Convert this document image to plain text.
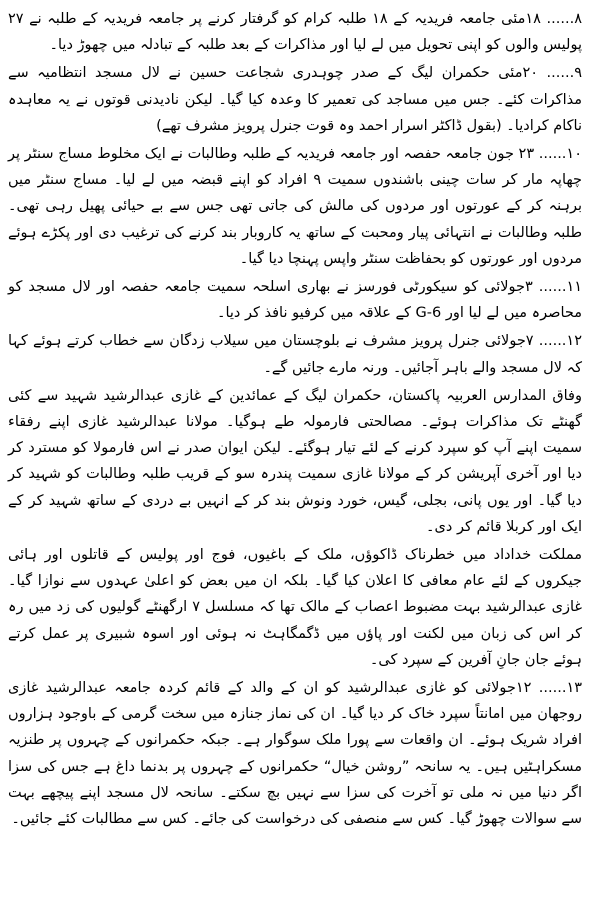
۸...... ۱۸مئی جامعہ فریدیہ کے ۱۸ طلبہ کرام کو گرفتار کرنے پر جامعہ فریدیہ کے طلبہ نے ۲۷ پولیس والوں کو اپنی تحویل میں لے لیا اور مذاکرات کے بعد طلبہ کے تبادلہ میں چھوڑ دیا۔

۹...... ۲۰مئی حکمران لیگ کے صدر چوہدری شجاعت حسین نے لال مسجد انتظامیہ سے مذاکرات کئے۔ جس میں مساجد کی تعمیر کا وعدہ کیا گیا۔ لیکن نادیدنی قوتوں نے یہ معاہدہ ناکام کرادیا۔ (بقول ڈاکٹر اسرار احمد وہ قوت جنرل پرویز مشرف تھے)

۱۰...... ۲۳ جون جامعہ حفصہ اور جامعہ فریدیہ کے طلبہ وطالبات نے ایک مخلوط مساج سنٹر پر چھاپہ مار کر سات چینی باشندوں سمیت ۹ افراد کو اپنے قبضہ میں لے لیا۔ مساج سنٹر میں برہنہ کر کے عورتوں اور مردوں کی مالش کی جاتی تھی جس سے بے حیائی پھیل رہی تھی۔ طلبہ وطالبات نے انتہائی پیار ومحبت کے ساتھ یہ کاروبار بند کرنے کی ترغیب دی اور پکڑے ہوئے مردوں اور عورتوں کو بحفاظت سنٹر واپس پہنچا دیا گیا۔

۱۱...... ۳جولائی کو سیکورٹی فورسز نے بھاری اسلحہ سمیت جامعہ حفصہ اور لال مسجد کو محاصرہ میں لے لیا اور G-6 کے علاقہ میں کرفیو نافذ کر دیا۔

۱۲...... ۷جولائی جنرل پرویز مشرف نے بلوچستان میں سیلاب زدگان سے خطاب کرتے ہوئے کہا کہ لال مسجد والے باہر آجائیں۔ ورنہ مارے جائیں گے۔

وفاق المدارس العربیہ پاکستان، حکمران لیگ کے عمائدین کے غازی عبدالرشید شہید سے کئی گھنٹے تک مذاکرات ہوئے۔ مصالحتی فارمولہ طے ہوگیا۔ مولانا عبدالرشید غازی اپنے رفقاء سمیت اپنے آپ کو سپرد کرنے کے لئے تیار ہوگئے۔ لیکن ایوان صدر نے اس فارمولا کو مسترد کر دیا اور آخری آپریشن کر کے مولانا غازی سمیت پندرہ سو کے قریب طلبہ وطالبات کو شہید کر دیا گیا۔ اور یوں پانی، بجلی، گیس، خورد ونوش بند کر کے انہیں بے دردی کے ساتھ شہید کر کے ایک اور کربلا قائم کر دی۔

مملکت خداداد میں خطرناک ڈاکوؤں، ملک کے باغیوں، فوج اور پولیس کے قاتلوں اور ہائی جیکروں کے لئے عام معافی کا اعلان کیا گیا۔ بلکہ ان میں بعض کو اعلیٰ عہدوں سے نوازا گیا۔ غازی عبدالرشید بہت مضبوط اعصاب کے مالک تھا کہ مسلسل ۷ ارگھنٹے گولیوں کی زد میں رہ کر اس کی زبان میں لکنت اور پاؤں میں ڈگمگاہٹ نہ ہوئی اور اسوہ شبیری پر عمل کرتے ہوئے جان جانِ آفرین کے سپرد کی۔

۱۳...... ۱۲جولائی کو غازی عبدالرشید کو ان کے والد کے قائم کردہ جامعہ عبدالرشید غازی روجھان میں امانتاً سپرد خاک کر دیا گیا۔ ان کی نماز جنازہ میں سخت گرمی کے باوجود ہزاروں افراد شریک ہوئے۔ ان واقعات سے پورا ملک سوگوار ہے۔ جبکہ حکمرانوں کے چہروں پر طنزیہ مسکراہٹیں ہیں۔ یہ سانحہ ”روشن خیال“ حکمرانوں کے چہروں پر بدنما داغ ہے جس کی سزا اگر دنیا میں نہ ملی تو آخرت کی سزا سے نہیں بچ سکتے۔ سانحہ لال مسجد اپنے پیچھے بہت سے سوالات چھوڑ گیا۔ کس سے منصفی کی درخواست کی جائے۔ کس سے مطالبات کئے جائیں۔
